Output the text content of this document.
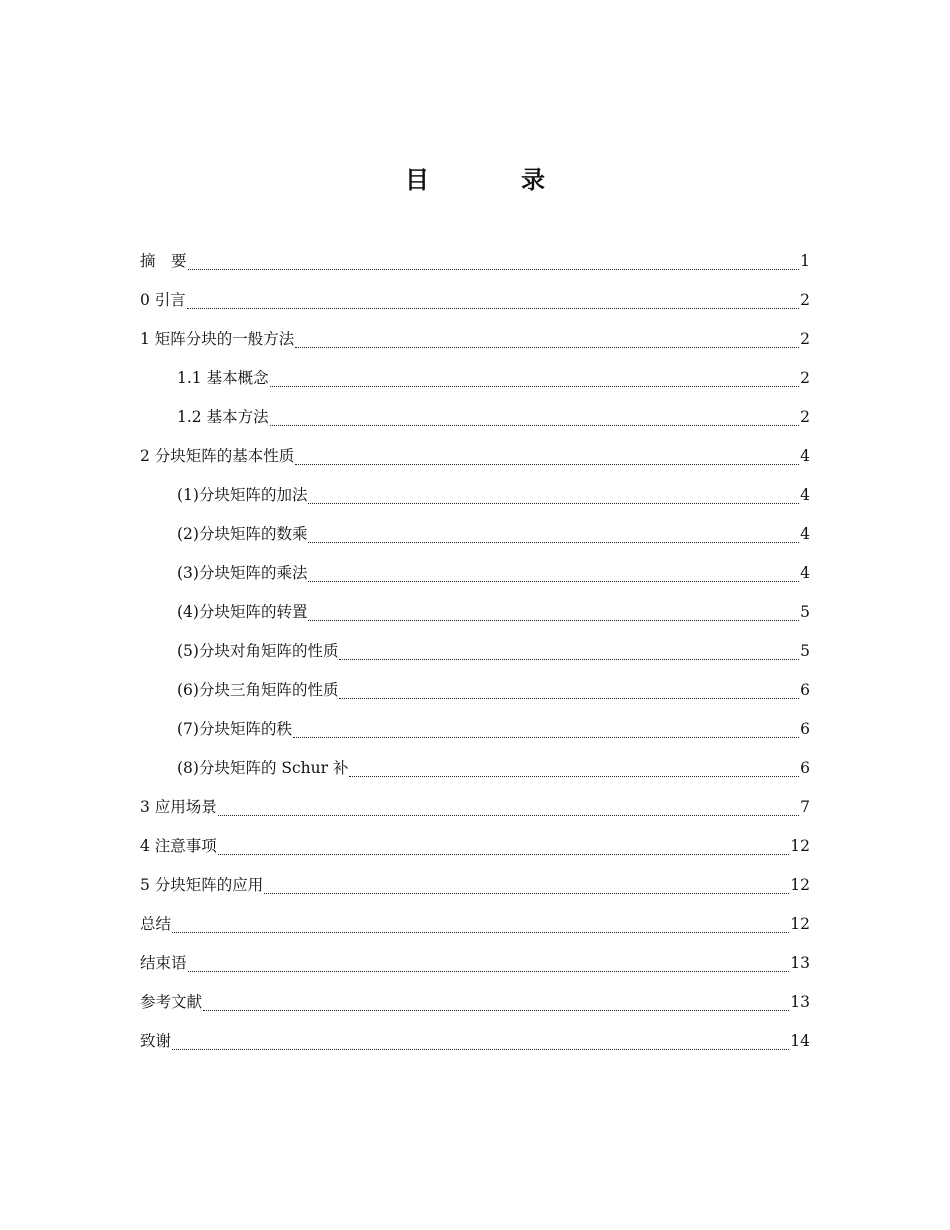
目　录
摘　要	1
0 引言	2
1 矩阵分块的一般方法	2
1.1 基本概念	2
1.2 基本方法	2
2 分块矩阵的基本性质	4
(1)分块矩阵的加法	4
(2)分块矩阵的数乘	4
(3)分块矩阵的乘法	4
(4)分块矩阵的转置	5
(5)分块对角矩阵的性质	5
(6)分块三角矩阵的性质	6
(7)分块矩阵的秩	6
(8)分块矩阵的 Schur 补	6
3 应用场景	7
4 注意事项	12
5 分块矩阵的应用	12
总结	12
结束语	13
参考文献	13
致谢	14
